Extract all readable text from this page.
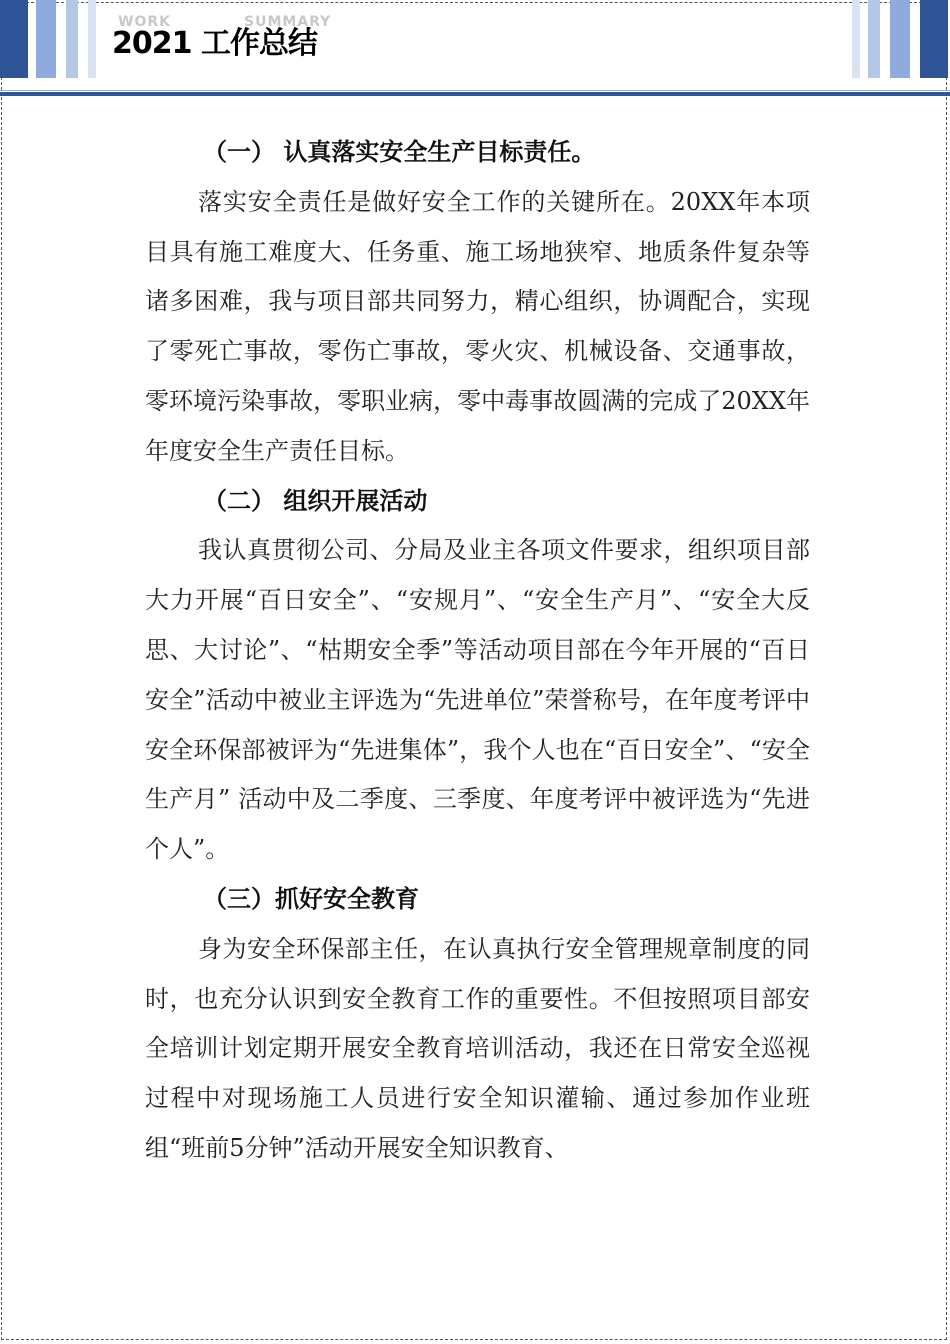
WORK	SUMMARY
2021 工作总结
（一） 认真落实安全生产目标责任。
落实安全责任是做好安全工作的关键所在。20XX年本项目具有施工难度大、任务重、施工场地狭窄、地质条件复杂等诸多困难，我与项目部共同努力，精心组织，协调配合，实现了零死亡事故，零伤亡事故，零火灾、机械设备、交通事故，零环境污染事故，零职业病，零中毒事故圆满的完成了20XX年年度安全生产责任目标。
（二） 组织开展活动
我认真贯彻公司、分局及业主各项文件要求，组织项目部大力开展“百日安全”、“安规月”、“安全生产月”、“安全大反思、大讨论”、“枯期安全季”等活动项目部在今年开展的“百日安全”活动中被业主评选为“先进单位”荣誉称号，在年度考评中安全环保部被评为“先进集体”，我个人也在“百日安全”、“安全生产月” 活动中及二季度、三季度、年度考评中被评选为“先进个人”。
（三）抓好安全教育
身为安全环保部主任，在认真执行安全管理规章制度的同时，也充分认识到安全教育工作的重要性。不但按照项目部安全培训计划定期开展安全教育培训活动，我还在日常安全巡视过程中对现场施工人员进行安全知识灌输、通过参加作业班组“班前5分钟”活动开展安全知识教育、
